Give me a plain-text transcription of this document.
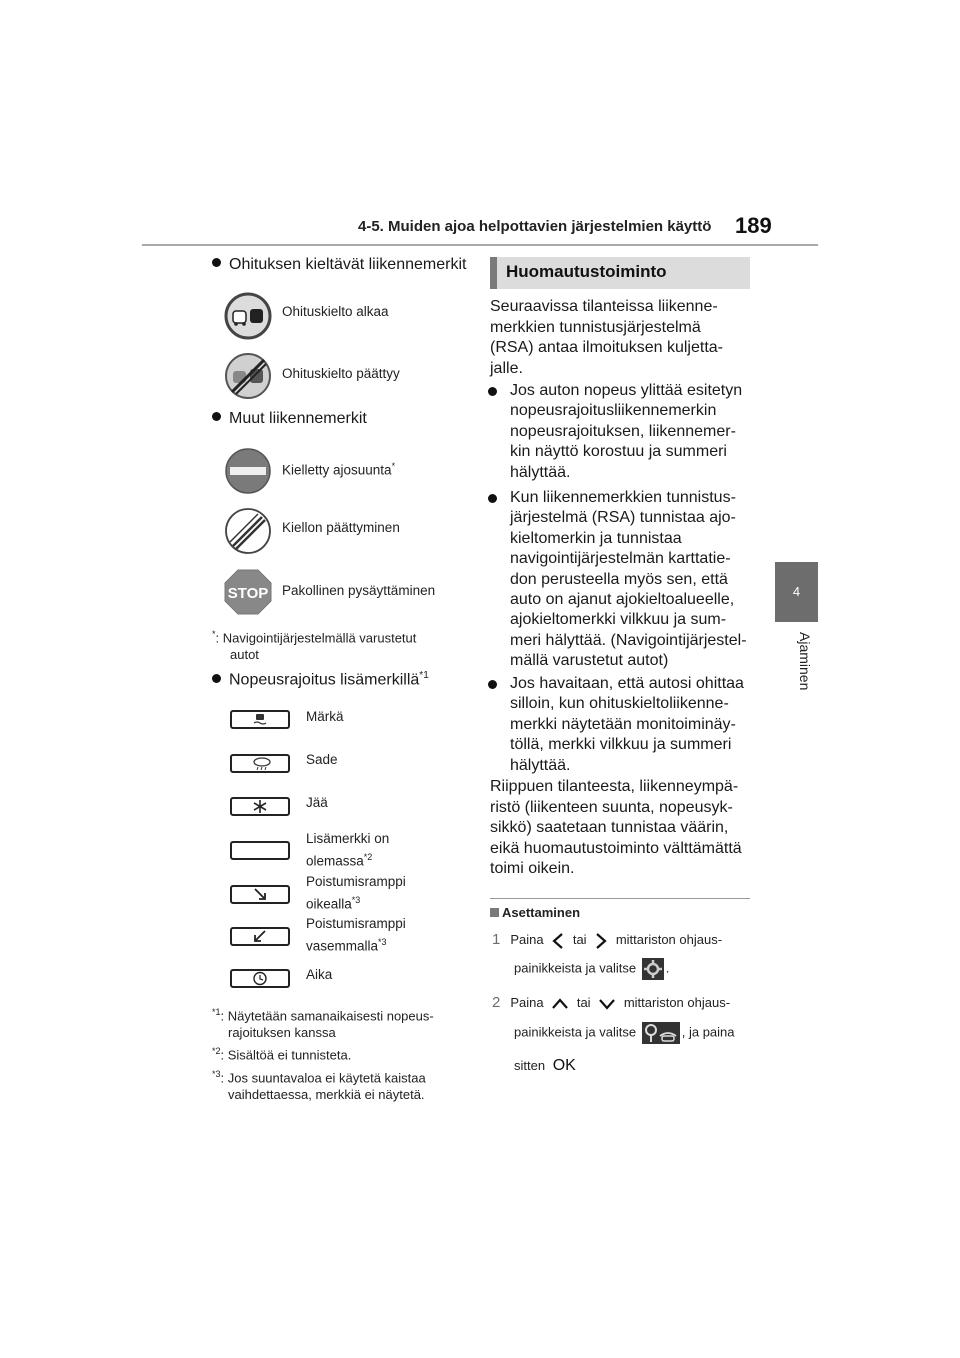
4-5. Muiden ajoa helpottavien järjestelmien käyttö 189
4
Ajaminen
Ohituksen kieltävät liikennemerkit
Ohituskielto alkaa
Ohituskielto päättyy
Muut liikennemerkit
Kielletty ajosuunta*
Kiellon päättyminen
STOP Pakollinen pysäyttäminen
*: Navigointijärjestelmällä varustetut
autot
Nopeusrajoitus lisämerkillä$^{*1}$
Märkä
Sade
Jää
Lisämerkki on
olemassa$^{*2}$
Poistumisramppi
oikealla$^{*3}$
Poistumisramppi
vasemmalla$^{*3}$
Aika
$^{*1}$: Näytetään samanaikaisesti nopeus-
rajoituksen kanssa
$^{*2}$: Sisältöä ei tunnisteta.
$^{*3}$: Jos suuntavaloa ei käytetä kaistaa
vaihdettaessa, merkkiä ei näytetä.
Huomautustoiminto
Seuraavissa tilanteissa liikenne-
merkkien tunnistusjärjestelmä
(RSA) antaa ilmoituksen kuljetta-
jalle.
Jos auton nopeus ylittää esitetyn
nopeusrajoitusliikennemerkin
nopeusrajoituksen, liikennemer-
kin näyttö korostuu ja summeri
hälyttää.
Kun liikennemerkkien tunnistus-
järjestelmä (RSA) tunnistaa ajo-
kieltomerkin ja tunnistaa
navigointijärjestelmän karttatie-
don perusteella myös sen, että
auto on ajanut ajokieltoalueelle,
ajokieltomerkki vilkkuu ja sum-
meri hälyttää. (Navigointijärjestel-
mällä varustetut autot)
Jos havaitaan, että autosi ohittaa
silloin, kun ohituskieltoliikenne-
merkki näytetään monitoiminäy-
töllä, merkki vilkkuu ja summeri
hälyttää.
Riippuen tilanteesta, liikenneympä-
ristö (liikenteen suunta, nopeusyk-
sikkö) saatetaan tunnistaa väärin,
eikä huomautustoiminto välttämättä
toimi oikein.
Asettaminen
1 Paina tai mittariston ohjaus-
painikkeista ja valitse .
2 Paina	tai	mittariston ohjaus-
painikkeista ja valitse	, ja paina
sitten OK
